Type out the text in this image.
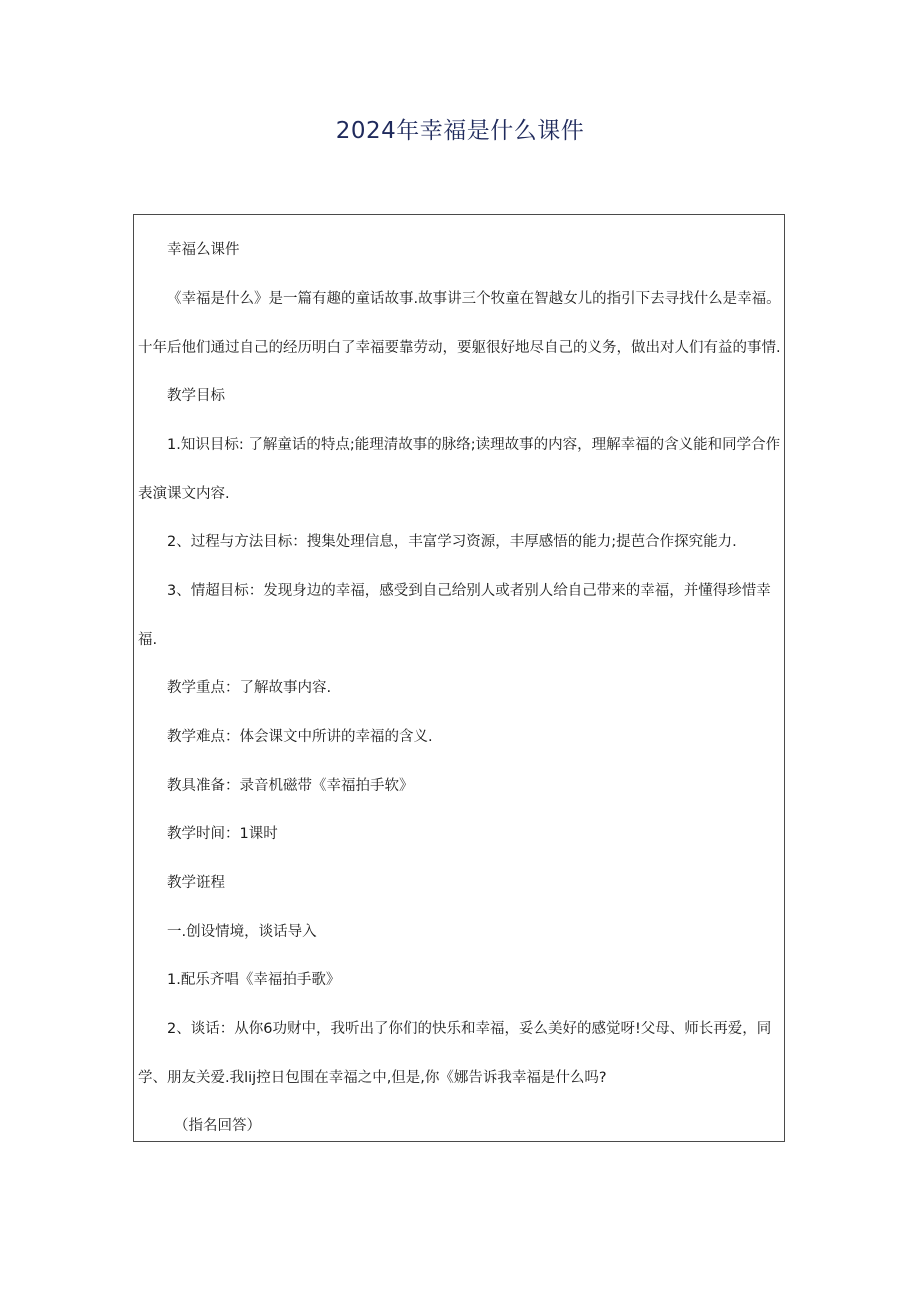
2024年幸福是什么课件
幸福么课件
《幸福是什么》是一篇有趣的童话故事.故事讲三个牧童在智越女儿的指引下去寻找什么是幸福。
十年后他们通过自己的经历明白了幸福要靠劳动，要躯很好地尽自己的义务，做出对人们有益的事情.
教学目标
1.知识目标: 了解童话的特点;能理清故事的脉络;读理故事的内容，理解幸福的含义能和同学合作
表演课文内容.
2、过程与方法目标：搜集处理信息，丰富学习资源，丰厚感悟的能力;提芭合作探究能力.
3、情超目标：发现身边的幸福，感受到自己给别人或者别人给自己带来的幸福，并懂得珍惜幸
福.
教学重点：了解故事内容.
教学难点：体会课文中所讲的幸福的含义.
教具准备：录音机磁带《幸福拍手软》
教学时间：1课时
教学诳程
一.创设情境，谈话导入
1.配乐齐唱《幸福拍手歌》
2、谈话：从你6功财中，我听出了你们的快乐和幸福，妥么美好的感觉呀!父母、师长再爱，同
学、朋友关爱.我lij控日包围在幸福之中,但是,你《娜告诉我幸福是什么吗?
（指名回答）
